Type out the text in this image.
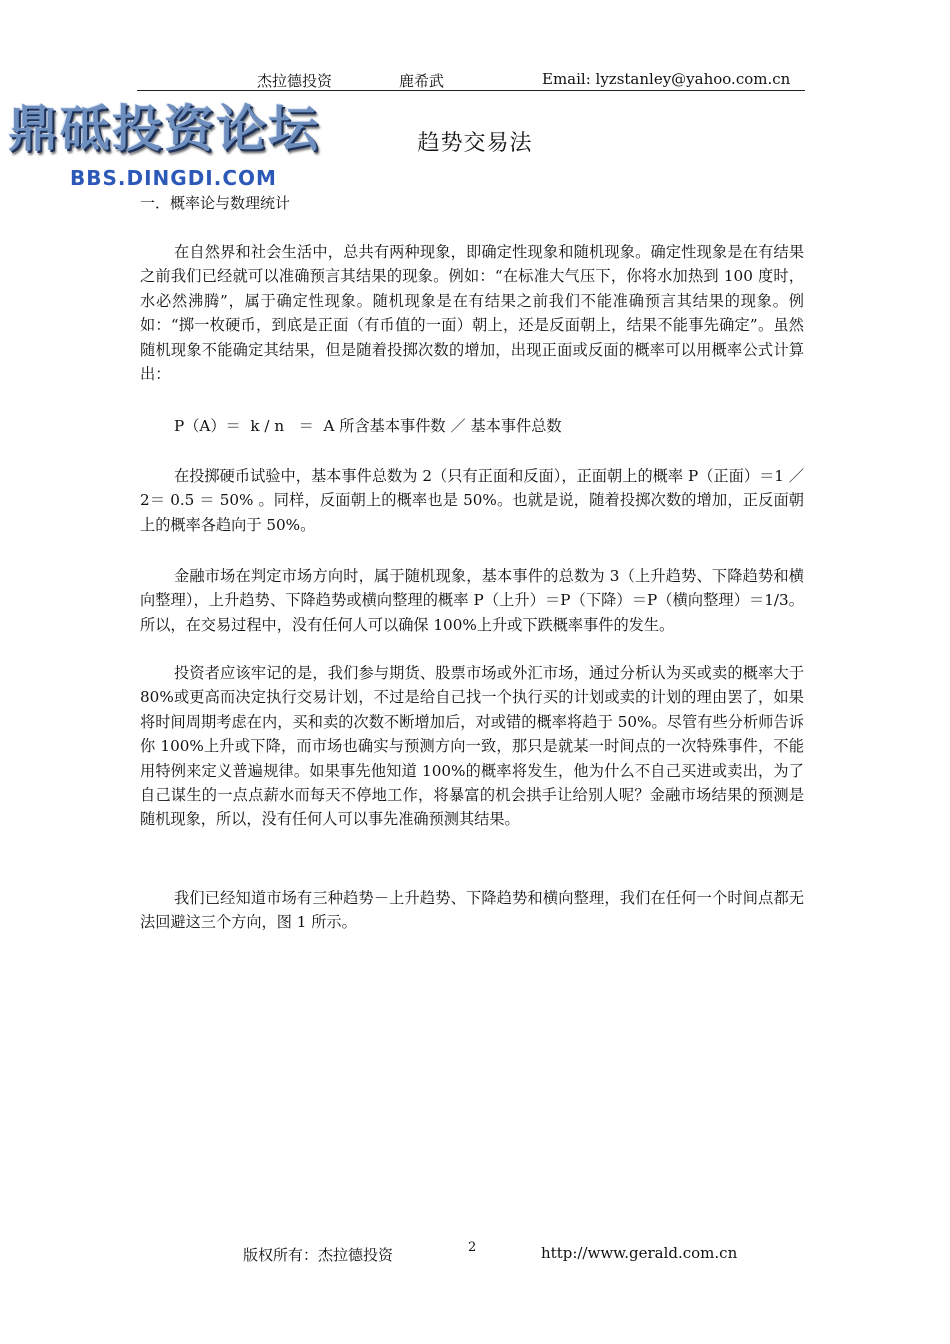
杰拉德投资	鹿希武	Email: lyzstanley@yahoo.com.cn
鼎砥投资论坛
BBS.DINGDI.COM
趋势交易法
一．概率论与数理统计

在自然界和社会生活中，总共有两种现象，即确定性现象和随机现象。确定性现象是在有结果之前我们已经就可以准确预言其结果的现象。例如：“在标准大气压下，你将水加热到 100 度时，水必然沸腾”，属于确定性现象。随机现象是在有结果之前我们不能准确预言其结果的现象。例如：“掷一枚硬币，到底是正面（有币值的一面）朝上，还是反面朝上，结果不能事先确定”。虽然随机现象不能确定其结果，但是随着投掷次数的增加，出现正面或反面的概率可以用概率公式计算出：

P（A）＝  k / n   ＝  A 所含基本事件数 ／ 基本事件总数

在投掷硬币试验中，基本事件总数为 2（只有正面和反面），正面朝上的概率 P（正面）＝1 ／ 2＝ 0.5 ＝ 50% 。同样，反面朝上的概率也是 50%。也就是说，随着投掷次数的增加，正反面朝上的概率各趋向于 50%。

金融市场在判定市场方向时，属于随机现象，基本事件的总数为 3（上升趋势、下降趋势和横向整理），上升趋势、下降趋势或横向整理的概率 P（上升）＝P（下降）＝P（横向整理）＝1/3。所以，在交易过程中，没有任何人可以确保 100%上升或下跌概率事件的发生。

投资者应该牢记的是，我们参与期货、股票市场或外汇市场，通过分析认为买或卖的概率大于 80%或更高而决定执行交易计划，不过是给自己找一个执行买的计划或卖的计划的理由罢了，如果将时间周期考虑在内，买和卖的次数不断增加后，对或错的概率将趋于 50%。尽管有些分析师告诉你 100%上升或下降，而市场也确实与预测方向一致，那只是就某一时间点的一次特殊事件，不能用特例来定义普遍规律。如果事先他知道 100%的概率将发生，他为什么不自己买进或卖出，为了自己谋生的一点点薪水而每天不停地工作，将暴富的机会拱手让给别人呢？金融市场结果的预测是随机现象，所以，没有任何人可以事先准确预测其结果。

我们已经知道市场有三种趋势－上升趋势、下降趋势和横向整理，我们在任何一个时间点都无法回避这三个方向，图 1 所示。

版权所有：杰拉德投资	2	http://www.gerald.com.cn
